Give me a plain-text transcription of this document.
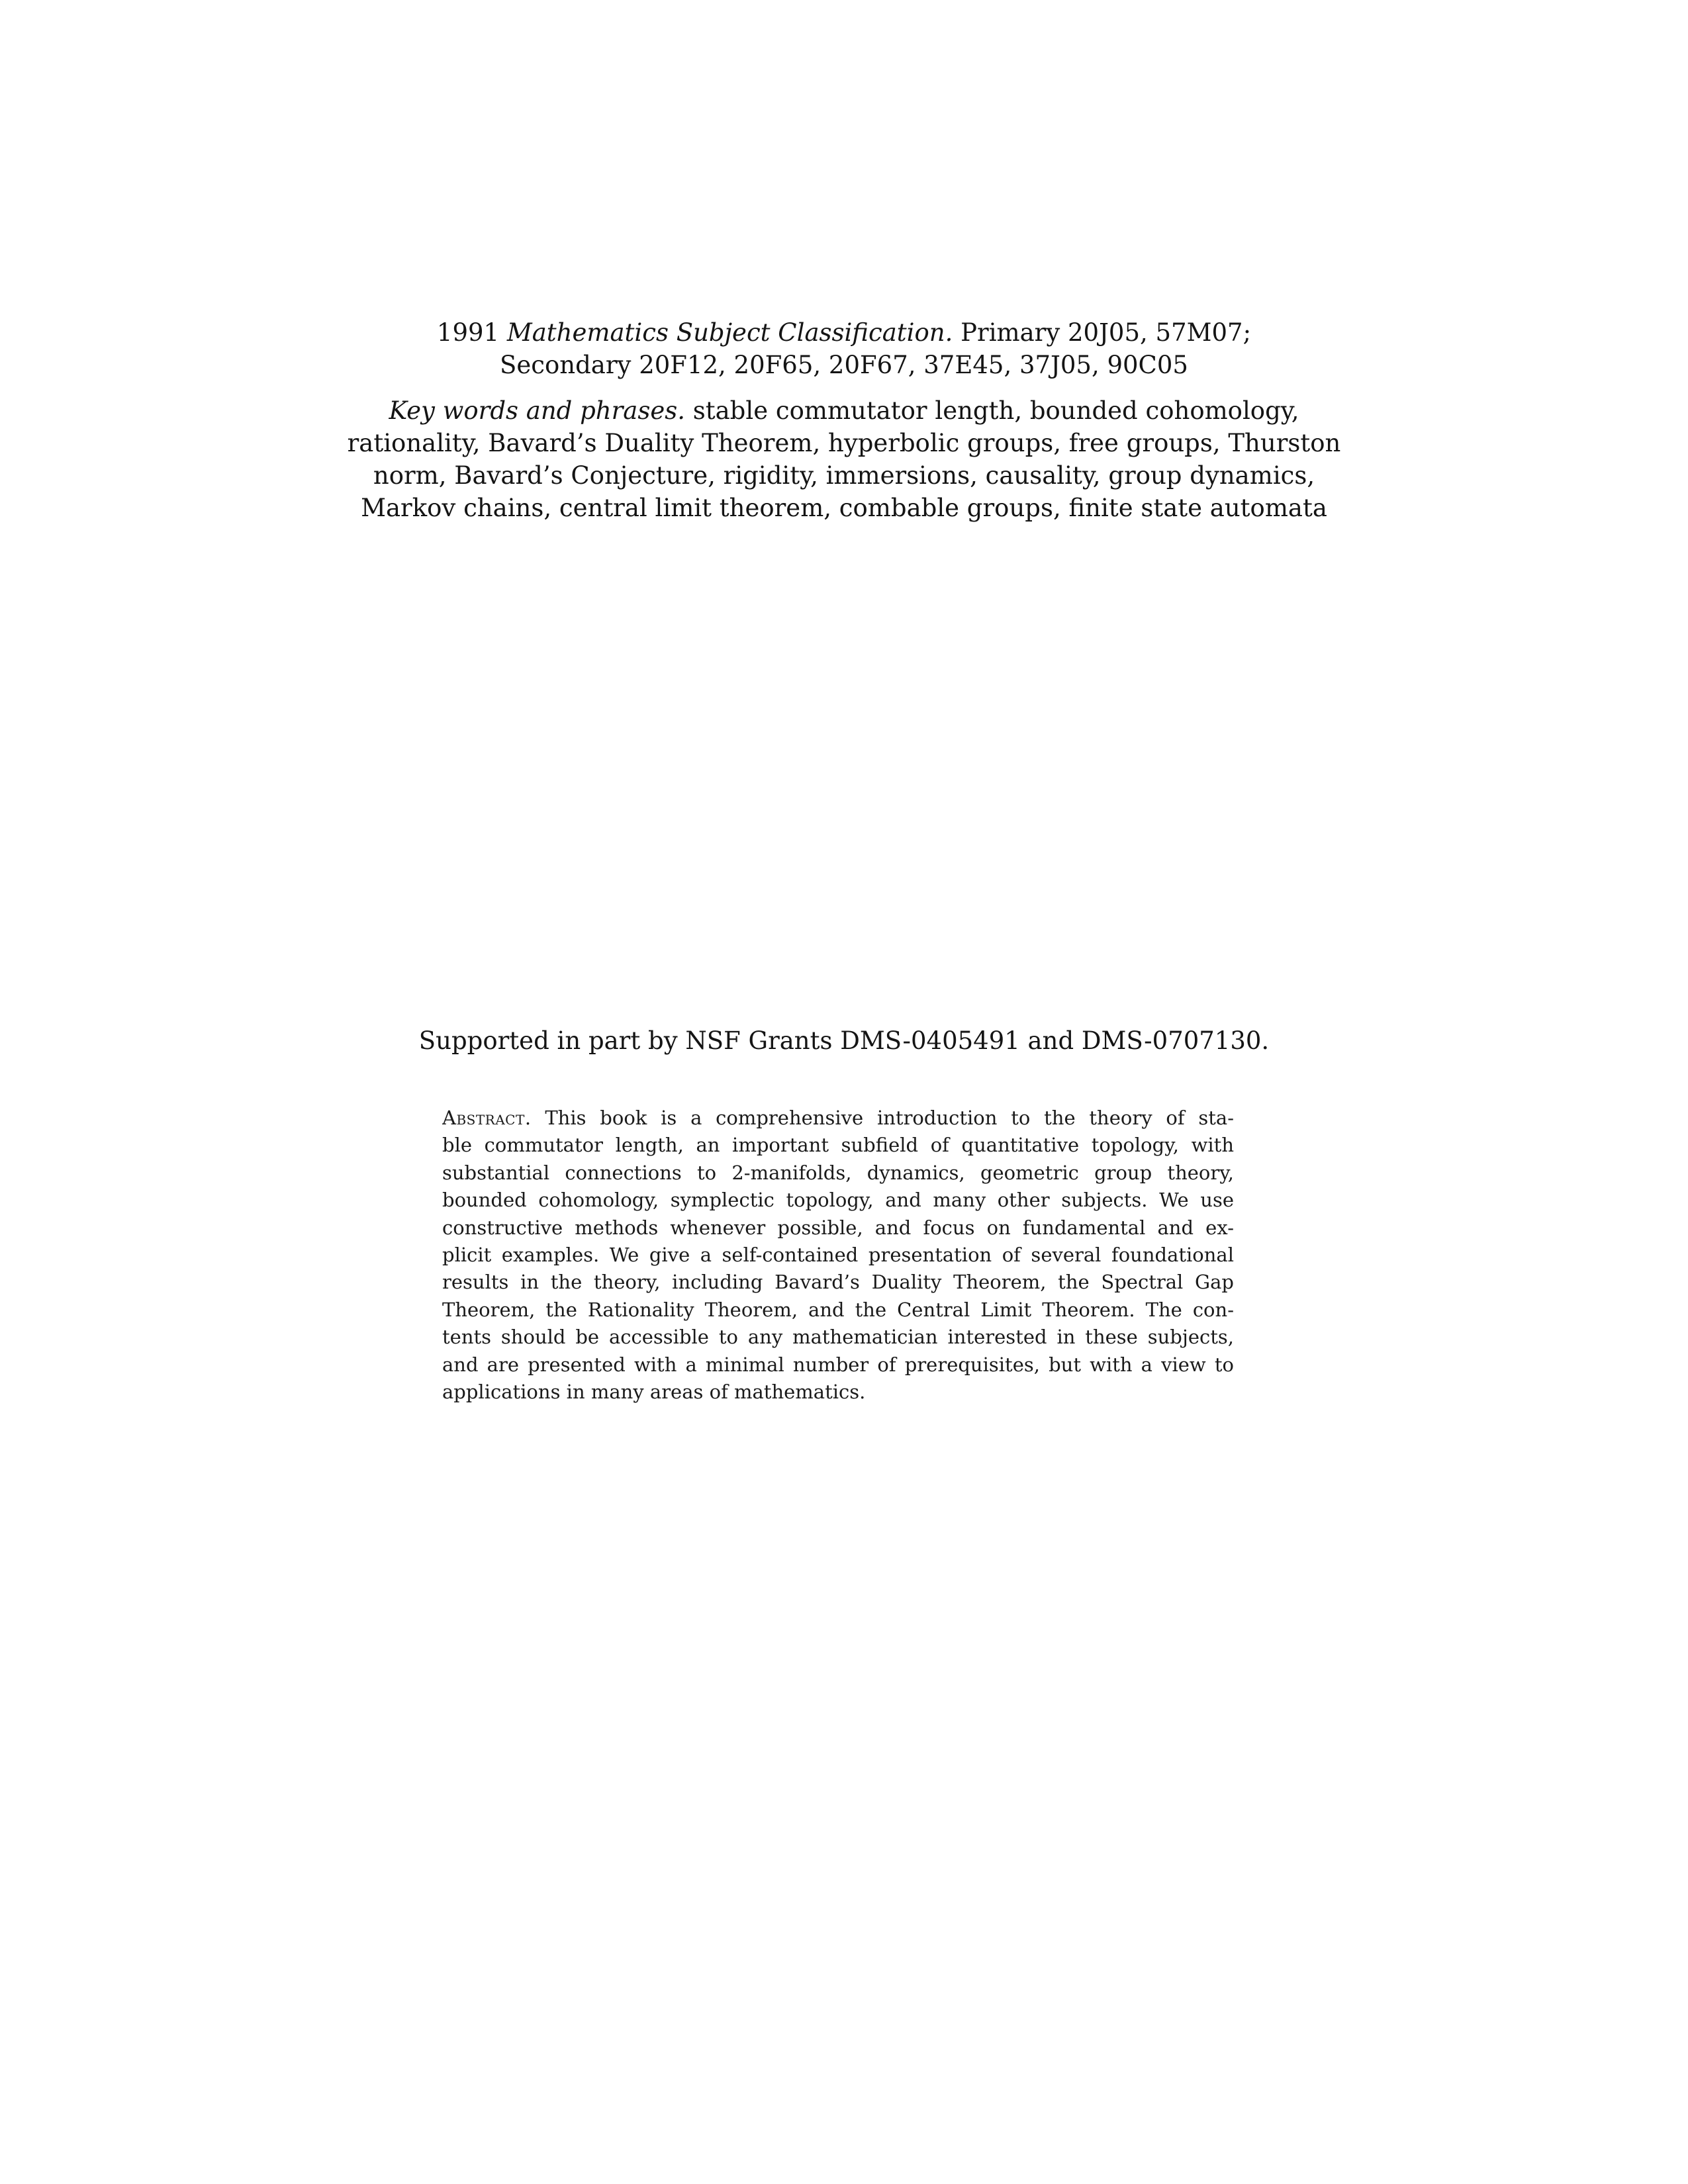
1991 Mathematics Subject Classification. Primary 20J05, 57M07;
Secondary 20F12, 20F65, 20F67, 37E45, 37J05, 90C05
Key words and phrases. stable commutator length, bounded cohomology,
rationality, Bavard’s Duality Theorem, hyperbolic groups, free groups, Thurston
norm, Bavard’s Conjecture, rigidity, immersions, causality, group dynamics,
Markov chains, central limit theorem, combable groups, finite state automata
Supported in part by NSF Grants DMS-0405491 and DMS-0707130.
Abstract. This book is a comprehensive introduction to the theory of sta-
ble commutator length, an important subfield of quantitative topology, with
substantial connections to 2-manifolds, dynamics, geometric group theory,
bounded cohomology, symplectic topology, and many other subjects. We use
constructive methods whenever possible, and focus on fundamental and ex-
plicit examples. We give a self-contained presentation of several foundational
results in the theory, including Bavard’s Duality Theorem, the Spectral Gap
Theorem, the Rationality Theorem, and the Central Limit Theorem. The con-
tents should be accessible to any mathematician interested in these subjects,
and are presented with a minimal number of prerequisites, but with a view to
applications in many areas of mathematics.
